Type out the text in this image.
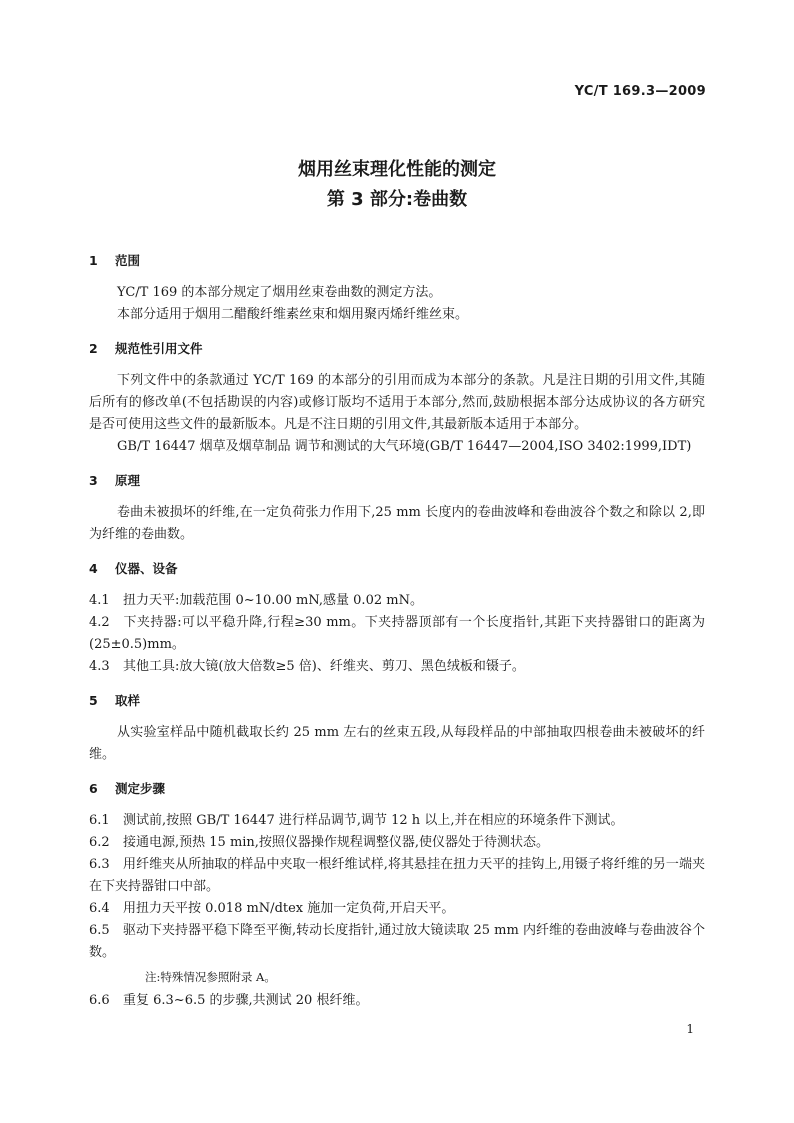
YC/T 169.3—2009
烟用丝束理化性能的测定
第 3 部分:卷曲数
1 范围

YC/T 169 的本部分规定了烟用丝束卷曲数的测定方法。

本部分适用于烟用二醋酸纤维素丝束和烟用聚丙烯纤维丝束。

2 规范性引用文件

下列文件中的条款通过 YC/T 169 的本部分的引用而成为本部分的条款。凡是注日期的引用文件,其随后所有的修改单(不包括勘误的内容)或修订版均不适用于本部分,然而,鼓励根据本部分达成协议的各方研究是否可使用这些文件的最新版本。凡是不注日期的引用文件,其最新版本适用于本部分。

GB/T 16447 烟草及烟草制品 调节和测试的大气环境(GB/T 16447—2004,ISO 3402:1999,IDT)

3 原理

卷曲未被损坏的纤维,在一定负荷张力作用下,25 mm 长度内的卷曲波峰和卷曲波谷个数之和除以 2,即为纤维的卷曲数。

4 仪器、设备

4.1 扭力天平:加载范围 0~10.00 mN,感量 0.02 mN。

4.2 下夹持器:可以平稳升降,行程≥30 mm。下夹持器顶部有一个长度指针,其距下夹持器钳口的距离为(25±0.5)mm。

4.3 其他工具:放大镜(放大倍数≥5 倍)、纤维夹、剪刀、黑色绒板和镊子。

5 取样

从实验室样品中随机截取长约 25 mm 左右的丝束五段,从每段样品的中部抽取四根卷曲未被破坏的纤维。

6 测定步骤

6.1 测试前,按照 GB/T 16447 进行样品调节,调节 12 h 以上,并在相应的环境条件下测试。

6.2 接通电源,预热 15 min,按照仪器操作规程调整仪器,使仪器处于待测状态。

6.3 用纤维夹从所抽取的样品中夹取一根纤维试样,将其悬挂在扭力天平的挂钩上,用镊子将纤维的另一端夹在下夹持器钳口中部。

6.4 用扭力天平按 0.018 mN/dtex 施加一定负荷,开启天平。

6.5 驱动下夹持器平稳下降至平衡,转动长度指针,通过放大镜读取 25 mm 内纤维的卷曲波峰与卷曲波谷个数。

注:特殊情况参照附录 A。

6.6 重复 6.3~6.5 的步骤,共测试 20 根纤维。

1
